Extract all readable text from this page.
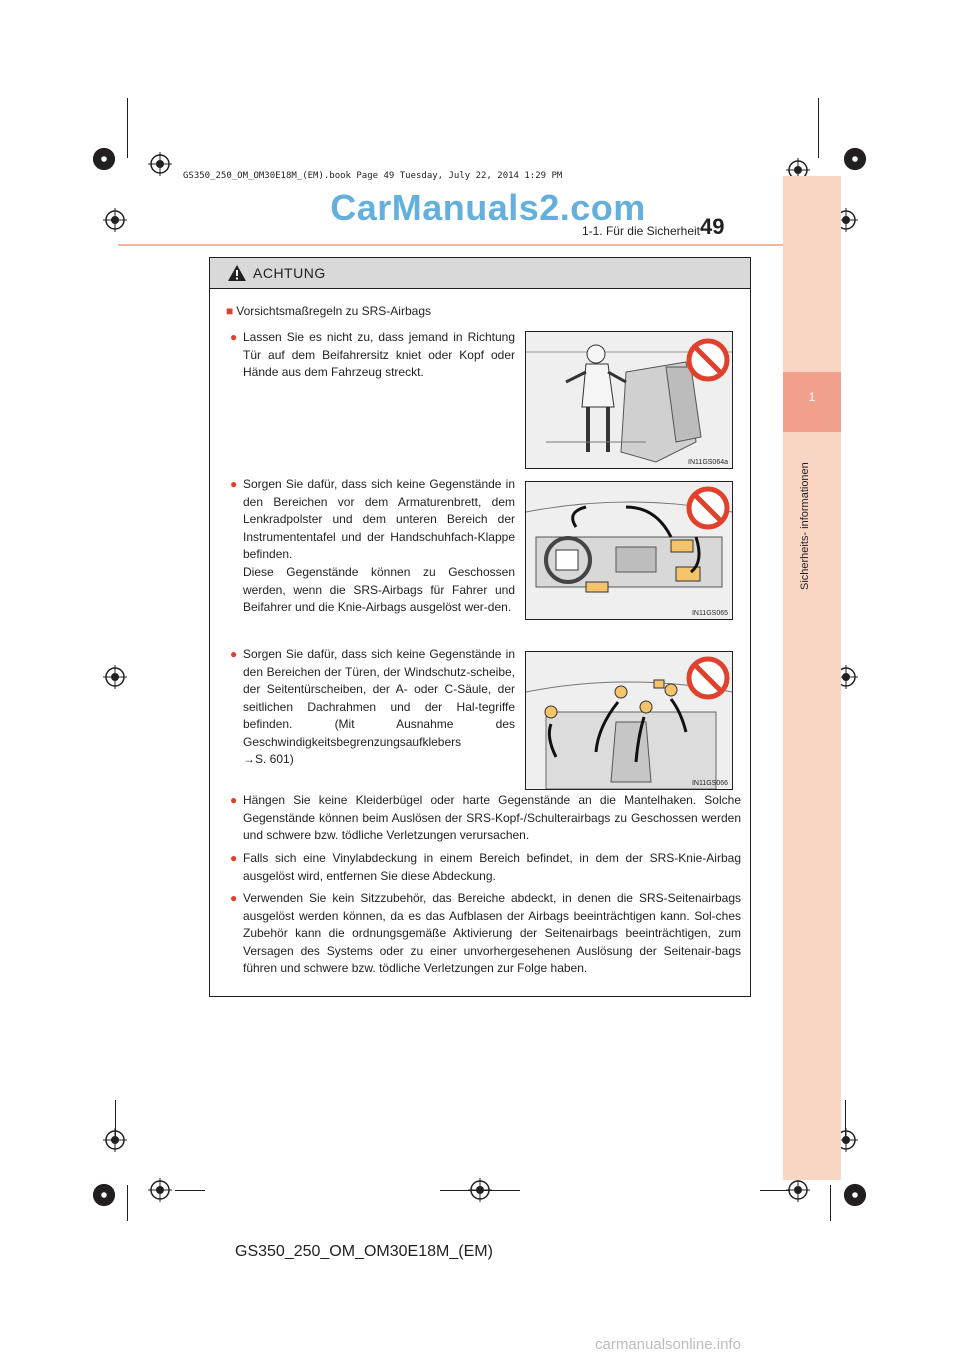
1
Sicherheits- informationen
GS350_250_OM_OM30E18M_(EM).book Page 49 Tuesday, July 22, 2014 1:29 PM
CarManuals2.com
1-1. Für die Sicherheit 49
ACHTUNG
■ Vorsichtsmaßregeln zu SRS-Airbags
● Lassen Sie es nicht zu, dass jemand in Richtung Tür auf dem Beifahrersitz kniet oder Kopf oder Hände aus dem Fahrzeug streckt.
● Sorgen Sie dafür, dass sich keine Gegenstände in den Bereichen vor dem Armaturenbrett, dem Lenkradpolster und dem unteren Bereich der Instrumententafel und der Handschuhfach-Klappe befinden.
Diese Gegenstände können zu Geschossen werden, wenn die SRS-Airbags für Fahrer und Beifahrer und die Knie-Airbags ausgelöst wer-den.
● Sorgen Sie dafür, dass sich keine Gegenstände in den Bereichen der Türen, der Windschutz-scheibe, der Seitentürscheiben, der A- oder C-Säule, der seitlichen Dachrahmen und der Hal-tegriffe befinden. (Mit Ausnahme des Geschwindigkeitsbegrenzungsaufklebers
→S. 601)
● Hängen Sie keine Kleiderbügel oder harte Gegenstände an die Mantelhaken. Solche Gegenstände können beim Auslösen der SRS-Kopf-/Schulterairbags zu Geschossen werden und schwere bzw. tödliche Verletzungen verursachen.
● Falls sich eine Vinylabdeckung in einem Bereich befindet, in dem der SRS-Knie-Airbag ausgelöst wird, entfernen Sie diese Abdeckung.
● Verwenden Sie kein Sitzzubehör, das Bereiche abdeckt, in denen die SRS-Seitenairbags ausgelöst werden können, da es das Aufblasen der Airbags beeinträchtigen kann. Sol-ches Zubehör kann die ordnungsgemäße Aktivierung der Seitenairbags beeinträchtigen, zum Versagen des Systems oder zu einer unvorhergesehenen Auslösung der Seitenair-bags führen und schwere bzw. tödliche Verletzungen zur Folge haben.
IN11GS064a
IN11GS065
IN11GS066
GS350_250_OM_OM30E18M_(EM)
carmanualsonline.info
